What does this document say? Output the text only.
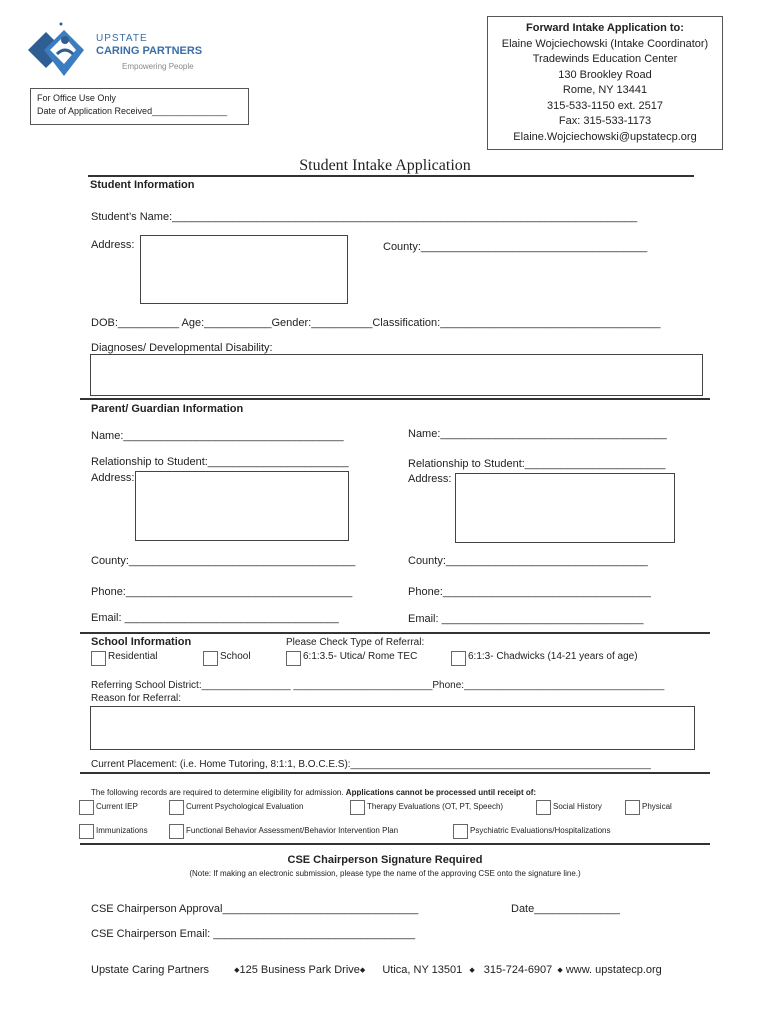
UPSTATE
CARING PARTNERS
Empowering People
Forward Intake Application to:
Elaine Wojciechowski (Intake Coordinator)
Tradewinds Education Center
130 Brookley Road
Rome, NY 13441
315-533-1150 ext. 2517
Fax: 315-533-1173
Elaine.Wojciechowski@upstatecp.org
For Office Use Only
Date of Application Received_______________
Student Intake Application
Student Information
Student’s Name:____________________________________________________________________________
Address:	County:_____________________________________
DOB:__________ Age:___________Gender:__________Classification:____________________________________
Diagnoses/ Developmental Disability:
Parent/ Guardian Information
Name:____________________________________
Relationship to Student:_______________________
Address:
County:_____________________________________
Phone:_____________________________________
Email: ___________________________________
Name:_____________________________________
Relationship to Student:_______________________
Address:
County:_________________________________
Phone:__________________________________
Email: _________________________________
School Information
Residential	School
Please Check Type of Referral:
6:1:3.5- Utica/ Rome TEC	6:1:3- Chadwicks (14-21 years of age)
Referring School District:________________ _________________________Phone:____________________________________
Reason for Referral:
Current Placement: (i.e. Home Tutoring, 8:1:1, B.O.C.E.S):______________________________________________________
The following records are required to determine eligibility for admission. Applications cannot be processed until receipt of:
Current IEP	Current Psychological Evaluation	Therapy Evaluations (OT, PT, Speech)	Social History	Physical
Immunizations	Functional Behavior Assessment/Behavior Intervention Plan	Psychiatric Evaluations/Hospitalizations
CSE Chairperson Signature Required
(Note: If making an electronic submission, please type the name of the approving CSE onto the signature line.)
CSE Chairperson Approval________________________________	Date______________
CSE Chairperson Email: _________________________________
Upstate Caring Partners	◆125 Business Park Drive◆ Utica, NY 13501 ◆ 315-724-6907 ◆ www. upstatecp.org
